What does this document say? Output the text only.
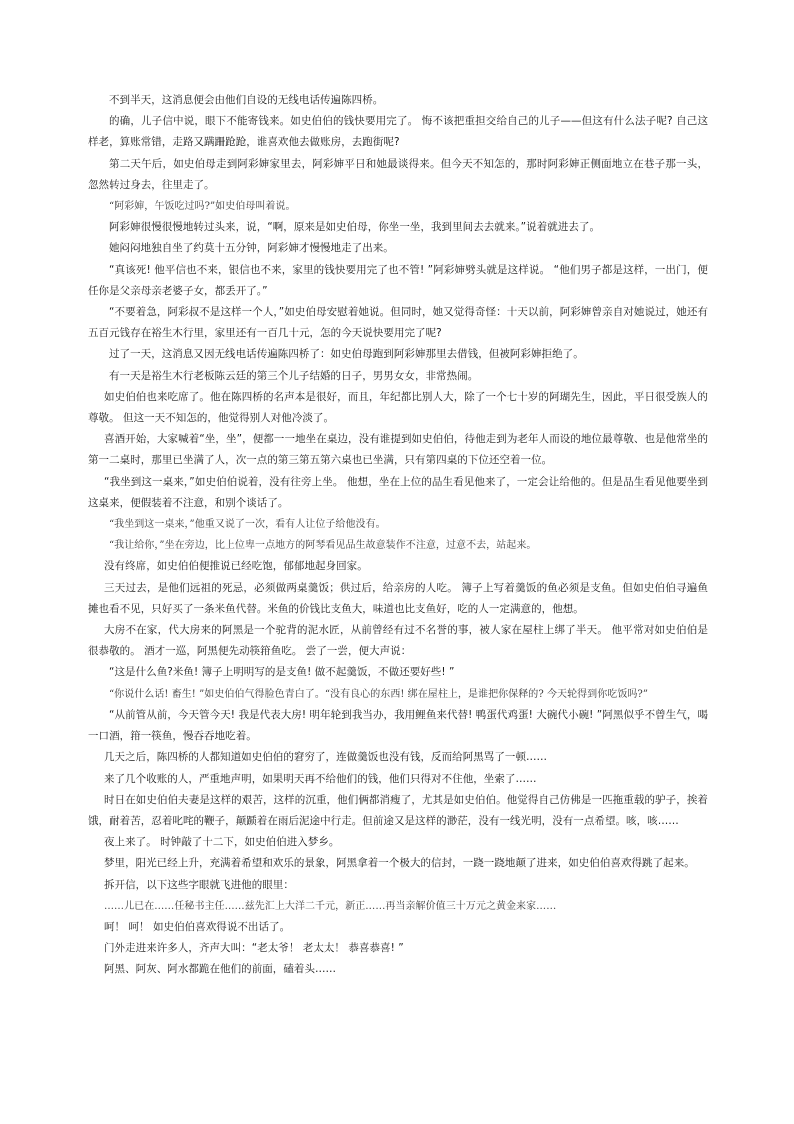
不到半天，这消息便会由他们自设的无线电话传遍陈四桥。

的确，儿子信中说，眼下不能寄钱来。如史伯伯的钱快要用完了。 悔不该把重担交给自己的儿子——但这有什么法子呢? 自己这样老，算账常错，走路又蹒跚跄跄，谁喜欢他去做账房，去跑街呢?

第二天午后，如史伯母走到阿彩婶家里去，阿彩婶平日和她最谈得来。但今天不知怎的，那时阿彩婶正侧面地立在巷子那一头，忽然转过身去，往里走了。

“阿彩婶，午饭吃过吗?”如史伯母叫着说。

阿彩婶很慢很慢地转过头来，说，“啊，原来是如史伯母，你坐一坐，我到里间去去就来。”说着就进去了。

她闷闷地独自坐了约莫十五分钟，阿彩婶才慢慢地走了出来。

“真该死! 他平信也不来，银信也不来，家里的钱快要用完了也不管! ”阿彩婶劈头就是这样说。 “他们男子都是这样，一出门，便任你是父亲母亲老婆子女，都丢开了。”

“不要着急，阿彩叔不是这样一个人，”如史伯母安慰着她说。但同时，她又觉得奇怪：十天以前，阿彩婶曾亲自对她说过，她还有五百元钱存在裕生木行里，家里还有一百几十元，怎的今天说快要用完了呢?

过了一天，这消息又因无线电话传遍陈四桥了：如史伯母跑到阿彩婶那里去借钱，但被阿彩婶拒绝了。

有一天是裕生木行老板陈云廷的第三个儿子结婚的日子，男男女女，非常热闹。

如史伯伯也来吃席了。他在陈四桥的名声本是很好，而且，年纪都比别人大，除了一个七十岁的阿瑚先生，因此，平日很受族人的尊敬。 但这一天不知怎的，他觉得别人对他冷淡了。

喜酒开始，大家喊着“坐，坐”，便都一一地坐在桌边，没有谁提到如史伯伯，待他走到为老年人而设的地位最尊敬、也是他常坐的第一二桌时，那里已坐满了人，次一点的第三第五第六桌也已坐满，只有第四桌的下位还空着一位。

“我坐到这一桌来，”如史伯伯说着，没有往旁上坐。 他想，坐在上位的品生看见他来了，一定会让给他的。但是品生看见他要坐到这桌来，便假装着不注意，和别个谈话了。

“我坐到这一桌来，”他重又说了一次，看有人让位子给他没有。

“我让给你，”坐在旁边，比上位卑一点地方的阿琴看见品生故意装作不注意，过意不去，站起来。

没有终席，如史伯伯便推说已经吃饱，郁郁地起身回家。

三天过去，是他们远祖的死忌，必须做两桌羹饭；供过后，给亲房的人吃。 簿子上写着羹饭的鱼必须是支鱼。但如史伯伯寻遍鱼摊也看不见，只好买了一条米鱼代替。米鱼的价钱比支鱼大，味道也比支鱼好，吃的人一定满意的，他想。

大房不在家，代大房来的阿黑是一个驼背的泥水匠，从前曾经有过不名誉的事，被人家在屋柱上绑了半天。 他平常对如史伯伯是很恭敬的。 酒才一巡，阿黑便先动筷箝鱼吃。 尝了一尝，便大声说：

“这是什么鱼?米鱼! 簿子上明明写的是支鱼! 做不起羹饭，不做还要好些! ”

“你说什么话! 畜生! ”如史伯伯气得脸色青白了。“没有良心的东西! 绑在屋柱上，是谁把你保释的? 今天轮得到你吃饭吗?”

“从前管从前，今天管今天! 我是代表大房! 明年轮到我当办，我用鲤鱼来代替! 鸭蛋代鸡蛋! 大碗代小碗! ”阿黑似乎不曾生气，喝一口酒，箝一筷鱼，慢吞吞地吃着。

几天之后，陈四桥的人都知道如史伯伯的窘穷了，连做羹饭也没有钱，反而给阿黑骂了一顿……

来了几个收账的人，严重地声明，如果明天再不给他们的钱，他们只得对不住他，坐索了……

时日在如史伯伯夫妻是这样的艰苦，这样的沉重，他们俩都消瘦了，尤其是如史伯伯。他觉得自己仿佛是一匹拖重载的驴子，挨着饿，耐着苦，忍着叱咤的鞭子，颠踬着在雨后泥途中行走。但前途又是这样的渺茫，没有一线光明，没有一点希望。咳，咳……

夜上来了。 时钟敲了十二下，如史伯伯进入梦乡。

梦里，阳光已经上升，充满着希望和欢乐的景象，阿黑拿着一个极大的信封，一跷一跷地颠了进来，如史伯伯喜欢得跳了起来。

拆开信，以下这些字眼就飞进他的眼里：

……儿已在……任秘书主任……兹先汇上大洋二千元，新正……再当亲解价值三十万元之黄金来家……

呵！ 呵！ 如史伯伯喜欢得说不出话了。

门外走进来许多人，齐声大叫：“老太爷！ 老太太！ 恭喜恭喜! ”

阿黑、阿灰、阿水都跪在他们的前面，磕着头……
